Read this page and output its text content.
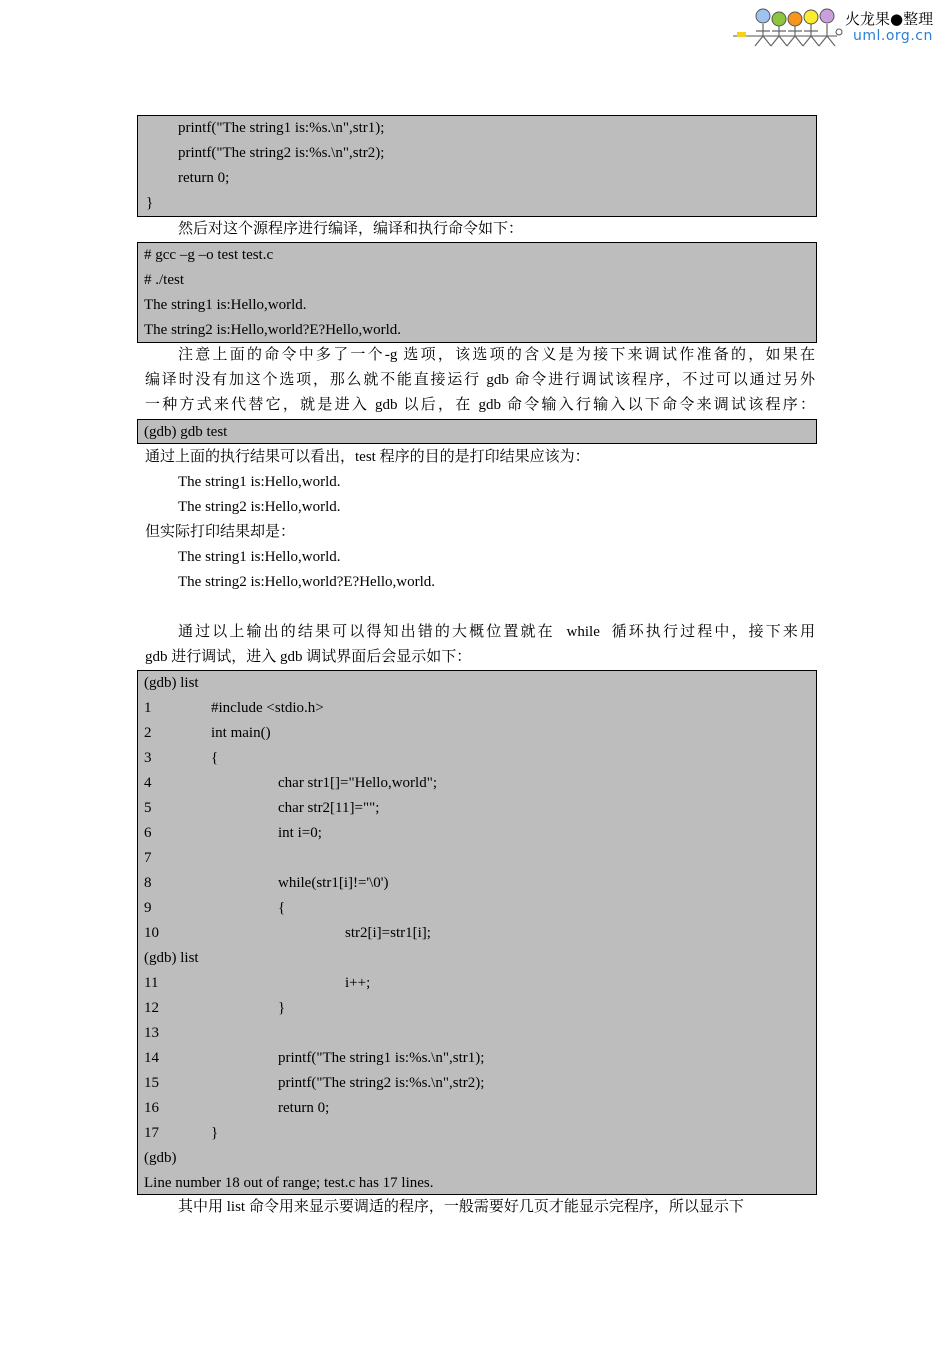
火龙果●整理
uml.org.cn
printf("The string1 is:%s.\n",str1);
printf("The string2 is:%s.\n",str2);
return 0;
}
然后对这个源程序进行编译，编译和执行命令如下：
# gcc –g –o test test.c
# ./test
The string1 is:Hello,world.
The string2 is:Hello,world?E?Hello,world.
注意上面的命令中多了一个-g 选项，该选项的含义是为接下来调试作准备的，如果在
编译时没有加这个选项，那么就不能直接运行 gdb 命令进行调试该程序，不过可以通过另外
一种方式来代替它，就是进入 gdb 以后，在 gdb 命令输入行输入以下命令来调试该程序：
(gdb) gdb test
通过上面的执行结果可以看出，test 程序的目的是打印结果应该为：
The string1 is:Hello,world.
The string2 is:Hello,world.
但实际打印结果却是：
The string1 is:Hello,world.
The string2 is:Hello,world?E?Hello,world.
通过以上输出的结果可以得知出错的大概位置就在  while  循环执行过程中，接下来用
gdb 进行调试，进入 gdb 调试界面后会显示如下：
(gdb) list
1	#include <stdio.h>
2	int main()
3	{
4	char str1[]="Hello,world";
5	char str2[11]="";
6	int i=0;
7
8	while(str1[i]!='\0')
9	{
10	str2[i]=str1[i];
(gdb) list
11	i++;
12	}
13
14	printf("The string1 is:%s.\n",str1);
15	printf("The string2 is:%s.\n",str2);
16	return 0;
17	}
(gdb)
Line number 18 out of range; test.c has 17 lines.
其中用 list 命令用来显示要调适的程序，一般需要好几页才能显示完程序，所以显示下
